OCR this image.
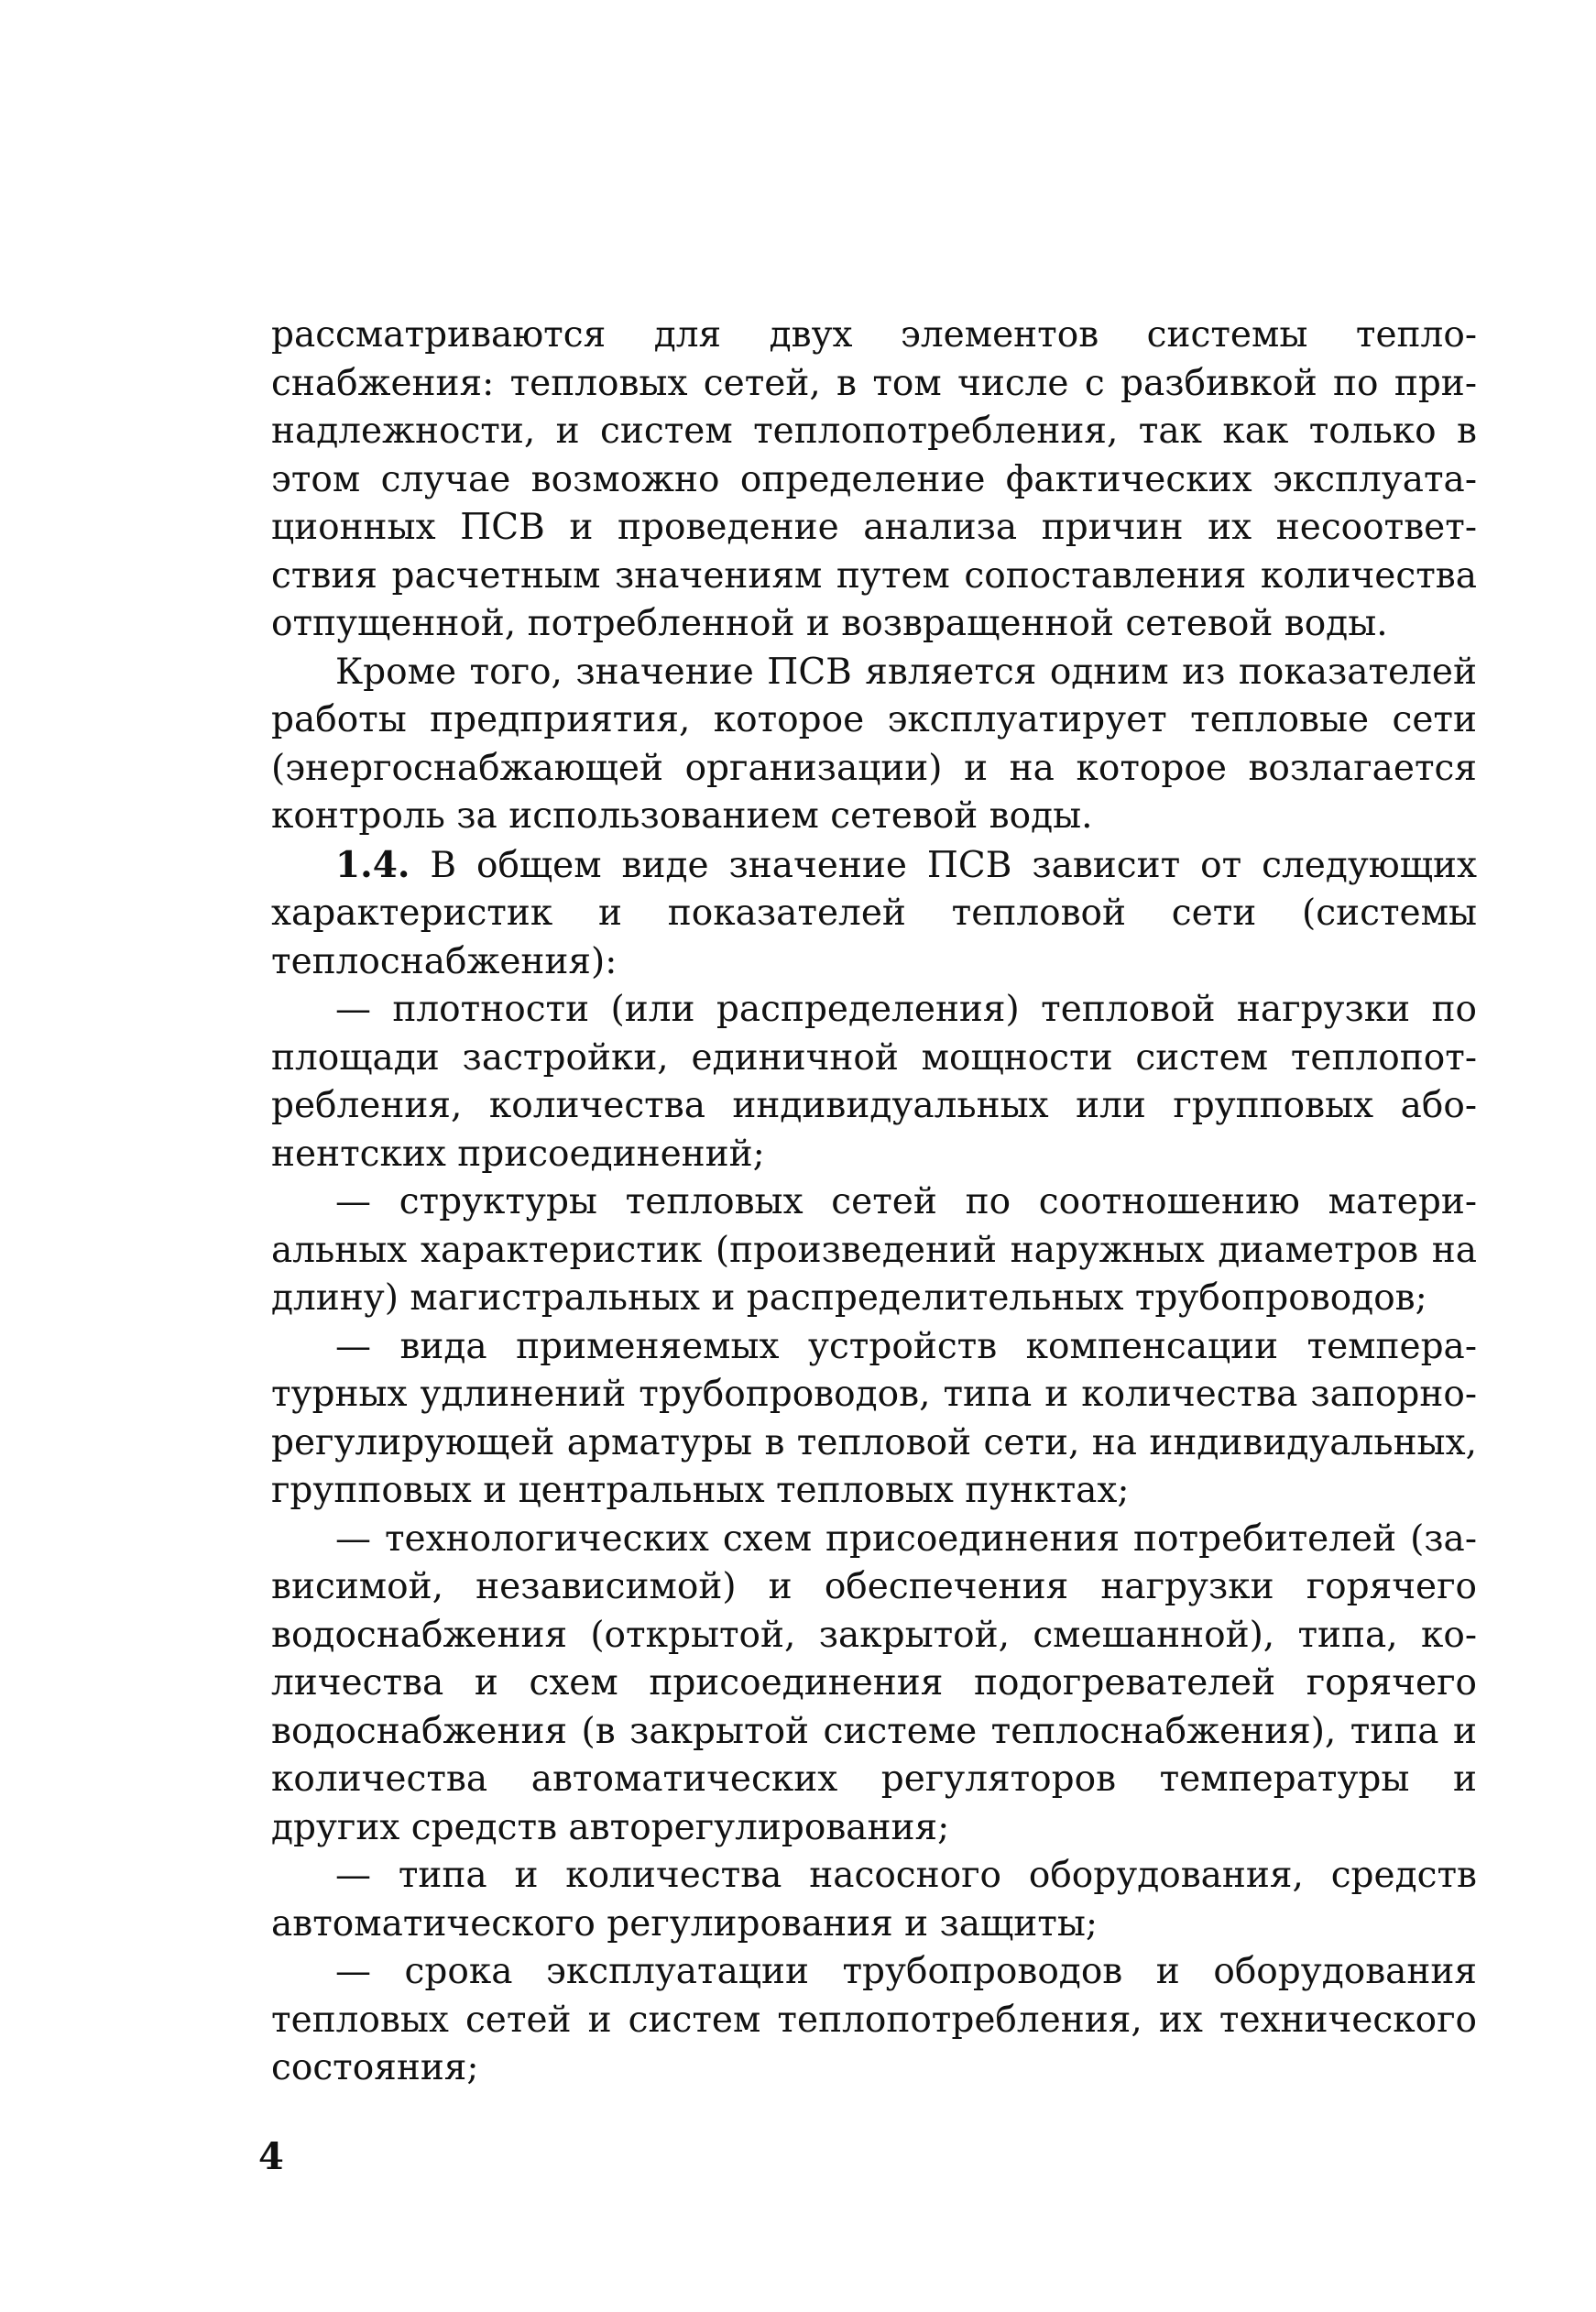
рассматриваются для двух элементов системы теплоснабжения: тепловых сетей, в том числе с разбивкой по принадлежности, и систем теплопотребления, так как только в этом случае возможно определение фактических эксплуатационных ПСВ и проведение анализа причин их несоответствия расчетным значениям путем сопоставления количества отпущенной, потребленной и возвращенной сетевой воды.

Кроме того, значение ПСВ является одним из показателей работы предприятия, которое эксплуатирует тепловые сети (энергоснабжающей организации) и на которое возлагается контроль за использованием сетевой воды.

1.4. В общем виде значение ПСВ зависит от следующих характеристик и показателей тепловой сети (системы теплоснабжения):

— плотности (или распределения) тепловой нагрузки по площади застройки, единичной мощности систем теплопотребления, количества индивидуальных или групповых абонентских присоединений;

— структуры тепловых сетей по соотношению материальных характеристик (произведений наружных диаметров на длину) магистральных и распределительных трубопроводов;

— вида применяемых устройств компенсации температурных удлинений трубопроводов, типа и количества запорно-регулирующей арматуры в тепловой сети, на индивидуальных, групповых и центральных тепловых пунктах;

— технологических схем присоединения потребителей (зависимой, независимой) и обеспечения нагрузки горячего водоснабжения (открытой, закрытой, смешанной), типа, количества и схем присоединения подогревателей горячего водоснабжения (в закрытой системе теплоснабжения), типа и количества автоматических регуляторов температуры и других средств авторегулирования;

— типа и количества насосного оборудования, средств автоматического регулирования и защиты;

— срока эксплуатации трубопроводов и оборудования тепловых сетей и систем теплопотребления, их технического состояния;

4
